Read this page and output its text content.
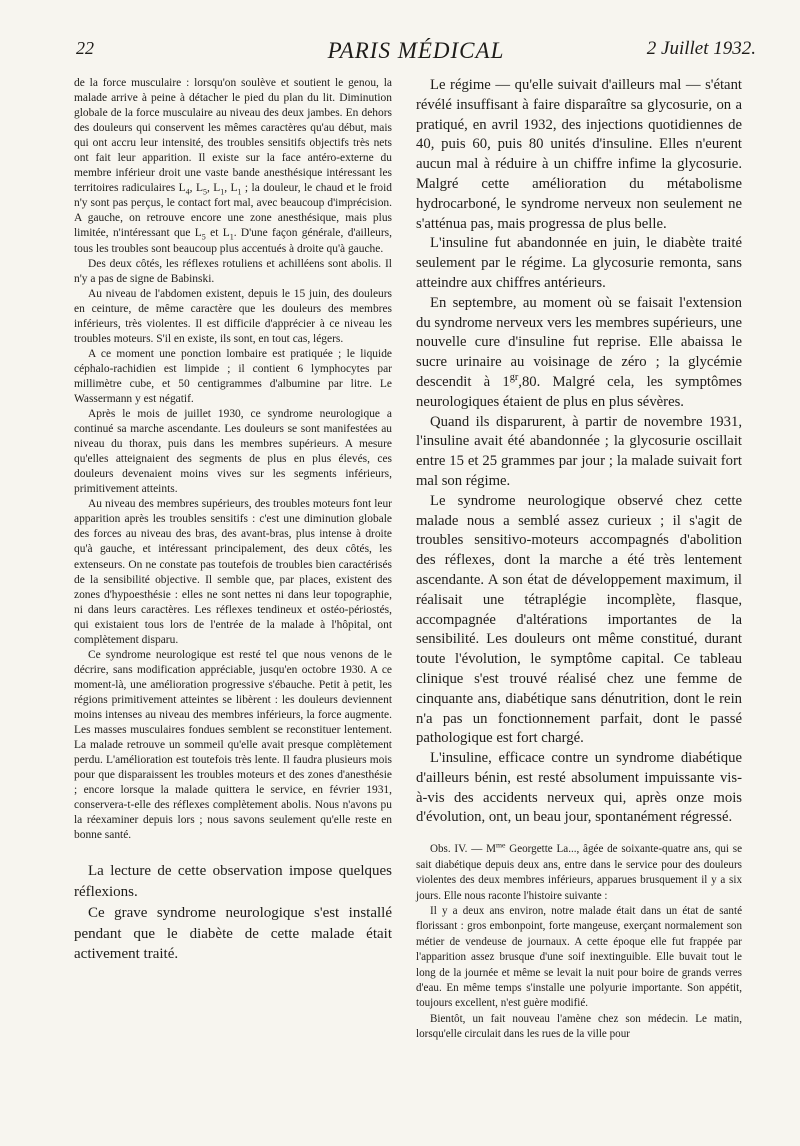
22	PARIS MÉDICAL	2 Juillet 1932.

de la force musculaire : lorsqu'on soulève et soutient le genou, la malade arrive à peine à détacher le pied du plan du lit. Diminution globale de la force musculaire au niveau des deux jambes. En dehors des douleurs qui conservent les mêmes caractères qu'au début, mais qui ont accru leur intensité, des troubles sensitifs objectifs très nets ont fait leur apparition. Il existe sur la face antéro-externe du membre inférieur droit une vaste bande anesthésique intéressant les territoires radiculaires $L_4$, $L_5$, $L_1$, $L_1$ ; la douleur, le chaud et le froid n'y sont pas perçus, le contact fort mal, avec beaucoup d'imprécision. A gauche, on retrouve encore une zone anesthésique, mais plus limitée, n'intéressant que $L_5$ et $L_1$. D'une façon générale, d'ailleurs, tous les troubles sont beaucoup plus accentués à droite qu'à gauche.

Des deux côtés, les réflexes rotuliens et achilléens sont abolis. Il n'y a pas de signe de Babinski.

Au niveau de l'abdomen existent, depuis le 15 juin, des douleurs en ceinture, de même caractère que les douleurs des membres inférieurs, très violentes. Il est difficile d'apprécier à ce niveau les troubles moteurs. S'il en existe, ils sont, en tout cas, légers.

A ce moment une ponction lombaire est pratiquée ; le liquide céphalo-rachidien est limpide ; il contient 6 lymphocytes par millimètre cube, et 50 centigrammes d'albumine par litre. Le Wassermann y est négatif.

Après le mois de juillet 1930, ce syndrome neurologique a continué sa marche ascendante. Les douleurs se sont manifestées au niveau du thorax, puis dans les membres supérieurs. A mesure qu'elles atteignaient des segments de plus en plus élevés, ces douleurs devenaient moins vives sur les segments inférieurs, primitivement atteints.

Au niveau des membres supérieurs, des troubles moteurs font leur apparition après les troubles sensitifs : c'est une diminution globale des forces au niveau des bras, des avant-bras, plus intense à droite qu'à gauche, et intéressant principalement, des deux côtés, les extenseurs. On ne constate pas toutefois de troubles bien caractérisés de la sensibilité objective. Il semble que, par places, existent des zones d'hypoesthésie : elles ne sont nettes ni dans leur topographie, ni dans leurs caractères. Les réflexes tendineux et ostéo-périostés, qui existaient tous lors de l'entrée de la malade à l'hôpital, ont complètement disparu.

Ce syndrome neurologique est resté tel que nous venons de le décrire, sans modification appréciable, jusqu'en octobre 1930. A ce moment-là, une amélioration progressive s'ébauche. Petit à petit, les régions primitivement atteintes se libèrent : les douleurs deviennent moins intenses au niveau des membres inférieurs, la force augmente. Les masses musculaires fondues semblent se reconstituer lentement. La malade retrouve un sommeil qu'elle avait presque complètement perdu. L'amélioration est toutefois très lente. Il faudra plusieurs mois pour que disparaissent les troubles moteurs et des zones d'anesthésie ; encore lorsque la malade quittera le service, en février 1931, conservera-t-elle des réflexes complètement abolis. Nous n'avons pu la réexaminer depuis lors ; nous savons seulement qu'elle reste en bonne santé.

La lecture de cette observation impose quelques réflexions.

Ce grave syndrome neurologique s'est installé pendant que le diabète de cette malade était activement traité.

Le régime — qu'elle suivait d'ailleurs mal — s'étant révélé insuffisant à faire disparaître sa glycosurie, on a pratiqué, en avril 1932, des injections quotidiennes de 40, puis 60, puis 80 unités d'insuline. Elles n'eurent aucun mal à réduire à un chiffre infime la glycosurie. Malgré cette amélioration du métabolisme hydrocarboné, le syndrome nerveux non seulement ne s'atténua pas, mais progressa de plus belle.

L'insuline fut abandonnée en juin, le diabète traité seulement par le régime. La glycosurie remonta, sans atteindre aux chiffres antérieurs.

En septembre, au moment où se faisait l'extension du syndrome nerveux vers les membres supérieurs, une nouvelle cure d'insuline fut reprise. Elle abaissa le sucre urinaire au voisinage de zéro ; la glycémie descendit à $1^{gr},80$. Malgré cela, les symptômes neurologiques étaient de plus en plus sévères.

Quand ils disparurent, à partir de novembre 1931, l'insuline avait été abandonnée ; la glycosurie oscillait entre 15 et 25 grammes par jour ; la malade suivait fort mal son régime.

Le syndrome neurologique observé chez cette malade nous a semblé assez curieux ; il s'agit de troubles sensitivo-moteurs accompagnés d'abolition des réflexes, dont la marche a été très lentement ascendante. A son état de développement maximum, il réalisait une tétraplégie incomplète, flasque, accompagnée d'altérations importantes de la sensibilité. Les douleurs ont même constitué, durant toute l'évolution, le symptôme capital. Ce tableau clinique s'est trouvé réalisé chez une femme de cinquante ans, diabétique sans dénutrition, dont le rein n'a pas un fonctionnement parfait, dont le passé pathologique est fort chargé.

L'insuline, efficace contre un syndrome diabétique d'ailleurs bénin, est resté absolument impuissante vis-à-vis des accidents nerveux qui, après onze mois d'évolution, ont, un beau jour, spontanément régressé.

Obs. IV. — $M^{me}$ Georgette La..., âgée de soixante-quatre ans, qui se sait diabétique depuis deux ans, entre dans le service pour des douleurs violentes des deux membres inférieurs, apparues brusquement il y a six jours. Elle nous raconte l'histoire suivante :

Il y a deux ans environ, notre malade était dans un état de santé florissant : gros embonpoint, forte mangeuse, exerçant normalement son métier de vendeuse de journaux. A cette époque elle fut frappée par l'apparition assez brusque d'une soif inextinguible. Elle buvait tout le long de la journée et même se levait la nuit pour boire de grands verres d'eau. En même temps s'installe une polyurie importante. Son appétit, toujours excellent, n'est guère modifié.

Bientôt, un fait nouveau l'amène chez son médecin. Le matin, lorsqu'elle circulait dans les rues de la ville pour
